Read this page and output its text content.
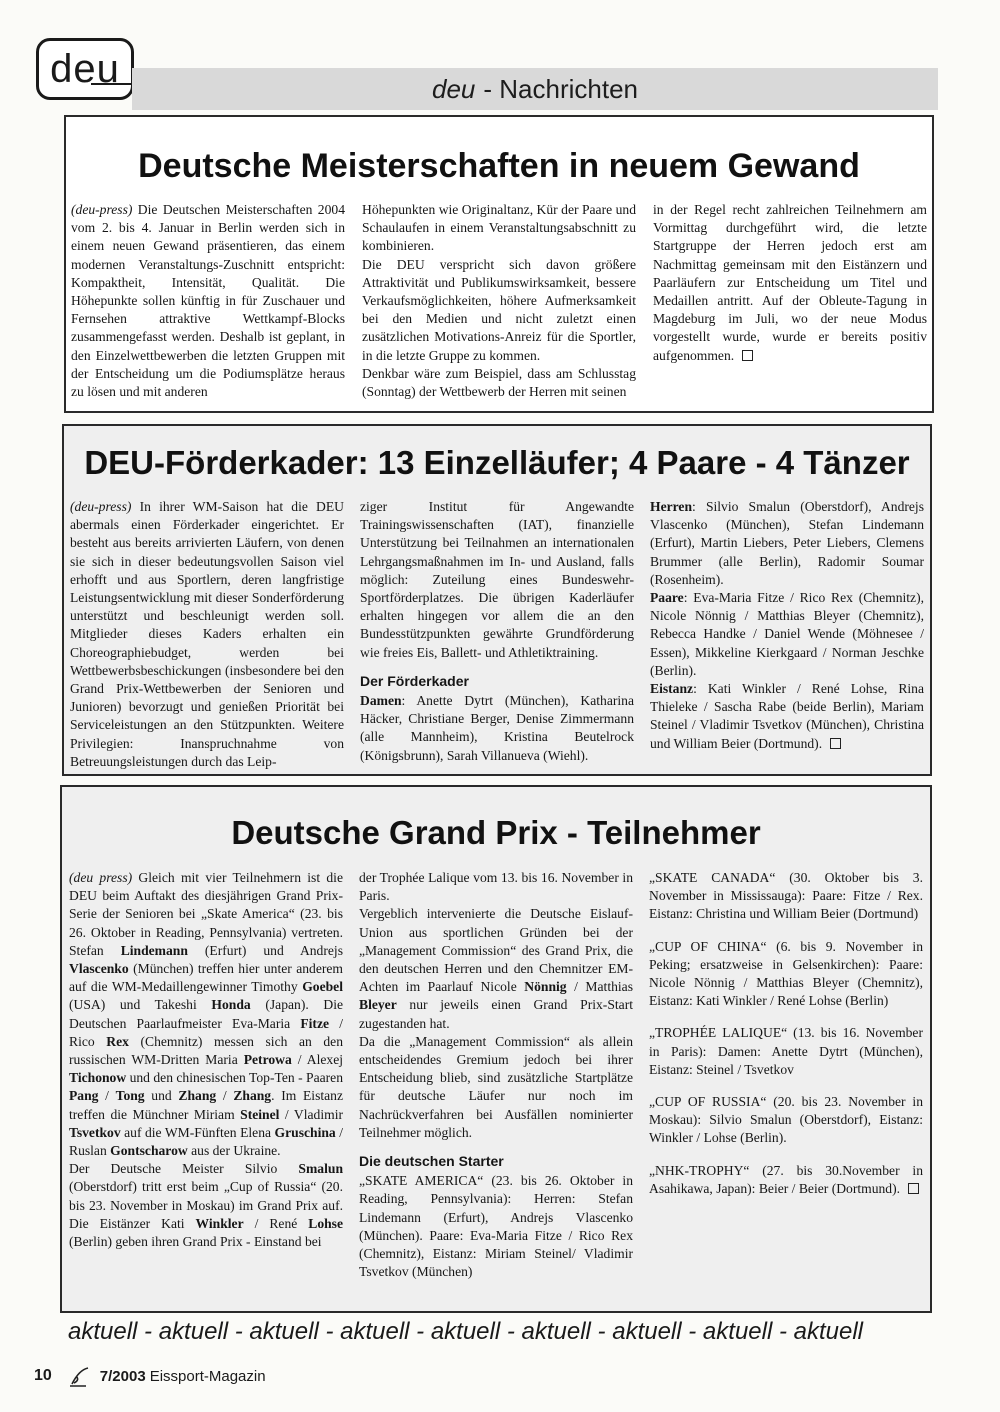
deu	deu - Nachrichten
Deutsche Meisterschaften in neuem Gewand

(deu-press) Die Deutschen Meisterschaften 2004 vom 2. bis 4. Januar in Berlin werden sich in einem neuen Gewand präsentieren, das einem modernen Veranstaltungs-Zuschnitt entspricht: Kompaktheit, Intensität, Qualität. Die Höhepunkte sollen künftig in für Zuschauer und Fernsehen attraktive Wettkampf-Blocks zusammengefasst werden. Deshalb ist geplant, in den Einzelwettbewerben die letzten Gruppen mit der Entscheidung um die Podiumsplätze heraus zu lösen und mit anderen

Höhepunkten wie Originaltanz, Kür der Paare und Schaulaufen in einem Veranstaltungsabschnitt zu kombinieren.

Die DEU verspricht sich davon größere Attraktivität und Publikumswirksamkeit, bessere Verkaufsmöglichkeiten, höhere Aufmerksamkeit bei den Medien und nicht zuletzt einen zusätzlichen Motivations-Anreiz für die Sportler, in die letzte Gruppe zu kommen.

Denkbar wäre zum Beispiel, dass am Schlusstag (Sonntag) der Wettbewerb der Herren mit seinen

in der Regel recht zahlreichen Teilnehmern am Vormittag durchgeführt wird, die letzte Startgruppe der Herren jedoch erst am Nachmittag gemeinsam mit den Eistänzern und Paarläufern zur Entscheidung um Titel und Medaillen antritt. Auf der Obleute-Tagung in Magdeburg im Juli, wo der neue Modus vorgestellt wurde, wurde er bereits positiv aufgenommen.

DEU-Förderkader: 13 Einzelläufer; 4 Paare - 4 Tänzer

(deu-press) In ihrer WM-Saison hat die DEU abermals einen Förderkader eingerichtet. Er besteht aus bereits arrivierten Läufern, von denen sie sich in dieser bedeutungsvollen Saison viel erhofft und aus Sportlern, deren langfristige Leistungsentwicklung mit dieser Sonderförderung unterstützt und beschleunigt werden soll. Mitglieder dieses Kaders erhalten ein Choreographiebudget, werden bei Wettbewerbsbeschickungen (insbesondere bei den Grand Prix-Wettbewerben der Senioren und Junioren) bevorzugt und genießen Priorität bei Serviceleistungen an den Stützpunkten. Weitere Privilegien: Inanspruchnahme von Betreuungsleistungen durch das Leip-

ziger Institut für Angewandte Trainingswissenschaften (IAT), finanzielle Unterstützung bei Teilnahmen an internationalen Lehrgangsmaßnahmen im In- und Ausland, falls möglich: Zuteilung eines Bundeswehr-Sportförderplatzes. Die übrigen Kaderläufer erhalten hingegen vor allem die an den Bundesstützpunkten gewährte Grundförderung wie freies Eis, Ballett- und Athletiktraining.

Der Förderkader

Damen: Anette Dytrt (München), Katharina Häcker, Christiane Berger, Denise Zimmermann (alle Mannheim), Kristina Beutelrock (Königsbrunn), Sarah Villanueva (Wiehl).

Herren: Silvio Smalun (Oberstdorf), Andrejs Vlascenko (München), Stefan Lindemann (Erfurt), Martin Liebers, Peter Liebers, Clemens Brummer (alle Berlin), Radomir Soumar (Rosenheim).

Paare: Eva-Maria Fitze / Rico Rex (Chemnitz), Nicole Nönnig / Matthias Bleyer (Chemnitz), Rebecca Handke / Daniel Wende (Möhnesee / Essen), Mikkeline Kierkgaard / Norman Jeschke (Berlin).

Eistanz: Kati Winkler / René Lohse, Rina Thieleke / Sascha Rabe (beide Berlin), Mariam Steinel / Vladimir Tsvetkov (München), Christina und William Beier (Dortmund).

Deutsche Grand Prix - Teilnehmer

(deu press) Gleich mit vier Teilnehmern ist die DEU beim Auftakt des diesjährigen Grand Prix-Serie der Senioren bei „Skate America“ (23. bis 26. Oktober in Reading, Pennsylvania) vertreten. Stefan Lindemann (Erfurt) und Andrejs Vlascenko (München) treffen hier unter anderem auf die WM-Medaillengewinner Timothy Goebel (USA) und Takeshi Honda (Japan). Die Deutschen Paarlaufmeister Eva-Maria Fitze / Rico Rex (Chemnitz) messen sich an den russischen WM-Dritten Maria Petrowa / Alexej Tichonow und den chinesischen Top-Ten - Paaren Pang / Tong und Zhang / Zhang. Im Eistanz treffen die Münchner Miriam Steinel / Vladimir Tsvetkov auf die WM-Fünften Elena Gruschina / Ruslan Gontscharow aus der Ukraine.

Der Deutsche Meister Silvio Smalun (Oberstdorf) tritt erst beim „Cup of Russia“ (20. bis 23. November in Moskau) im Grand Prix auf. Die Eistänzer Kati Winkler / René Lohse (Berlin) geben ihren Grand Prix - Einstand bei

der Trophée Lalique vom 13. bis 16. November in Paris.

Vergeblich intervenierte die Deutsche Eislauf-Union aus sportlichen Gründen bei der „Management Commission“ des Grand Prix, die den deutschen Herren und den Chemnitzer EM-Achten im Paarlauf Nicole Nönnig / Matthias Bleyer nur jeweils einen Grand Prix-Start zugestanden hat.

Da die „Management Commission“ als allein entscheidendes Gremium jedoch bei ihrer Entscheidung blieb, sind zusätzliche Startplätze für deutsche Läufer nur noch im Nachrückverfahren bei Ausfällen nominierter Teilnehmer möglich.

Die deutschen Starter

„SKATE AMERICA“ (23. bis 26. Oktober in Reading, Pennsylvania): Herren: Stefan Lindemann (Erfurt), Andrejs Vlascenko (München). Paare: Eva-Maria Fitze / Rico Rex (Chemnitz), Eistanz: Miriam Steinel/ Vladimir Tsvetkov (München)

„SKATE CANADA“ (30. Oktober bis 3. November in Mississauga): Paare: Fitze / Rex. Eistanz: Christina und William Beier (Dortmund)

„CUP OF CHINA“ (6. bis 9. November in Peking; ersatzweise in Gelsenkirchen): Paare: Nicole Nönnig / Matthias Bleyer (Chemnitz), Eistanz: Kati Winkler / René Lohse (Berlin)

„TROPHÉE LALIQUE“ (13. bis 16. November in Paris): Damen: Anette Dytrt (München), Eistanz: Steinel / Tsvetkov

„CUP OF RUSSIA“ (20. bis 23. November in Moskau): Silvio Smalun (Oberstdorf), Eistanz: Winkler / Lohse (Berlin).

„NHK-TROPHY“ (27. bis 30.November in Asahikawa, Japan): Beier / Beier (Dortmund).

aktuell - aktuell - aktuell - aktuell - aktuell - aktuell - aktuell - aktuell - aktuell
10	7/2003 Eissport-Magazin
